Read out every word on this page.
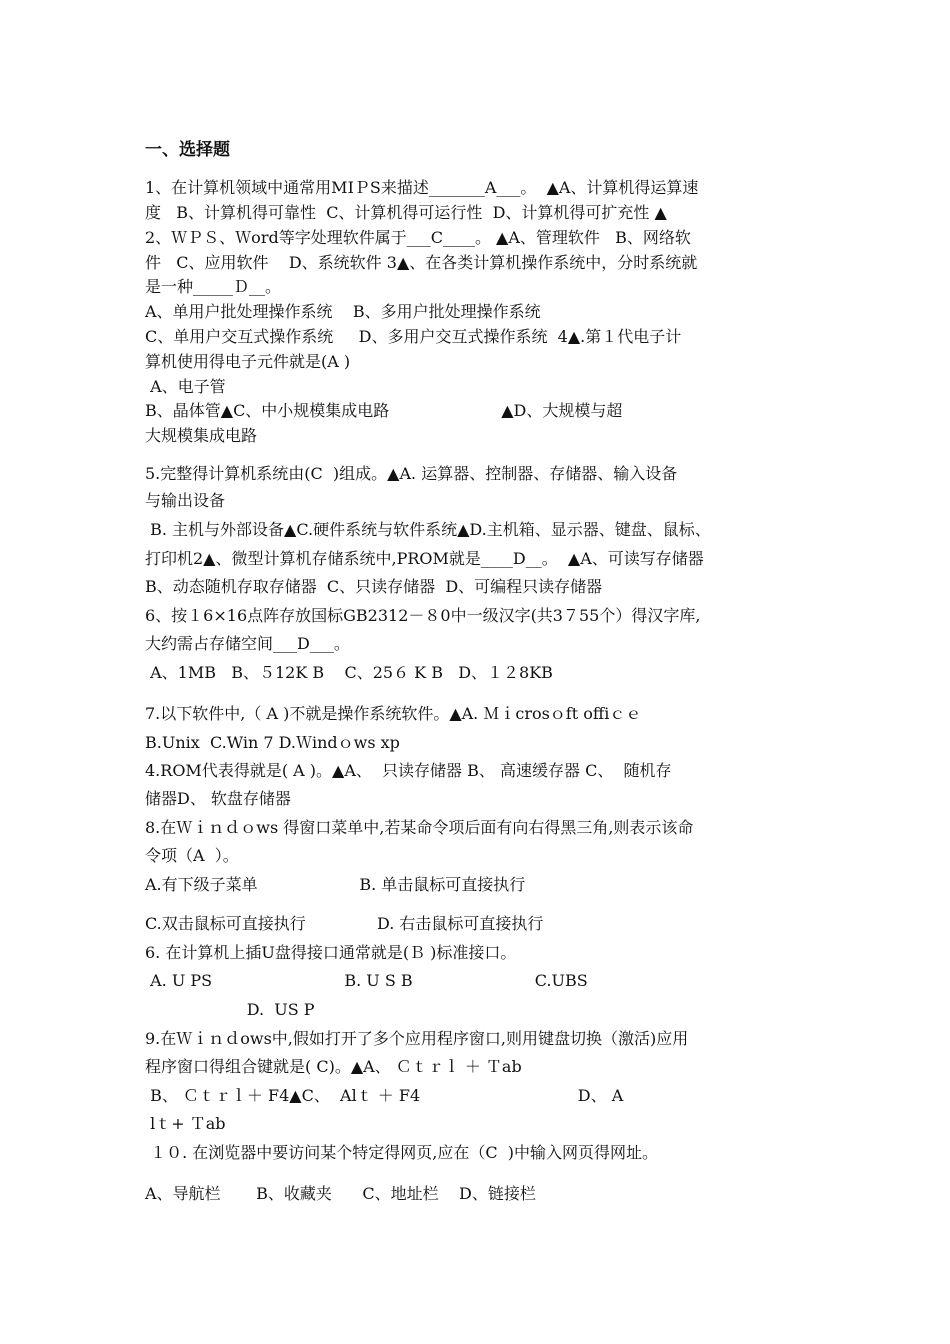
一、选择题
1、在计算机领域中通常用MIＰS来描述_______A___。  ▲A、计算机得运算速
度   B、计算机得可靠性  C、计算机得可运行性  D、计算机得可扩充性 ▲
2、ＷＰＳ、Ｗord等字处理软件属于___C____。 ▲A、管理软件   B、网络软
件   C、应用软件    D、系统软件 3▲、在各类计算机操作系统中，分时系统就
是一种_____Ｄ__。
A、单用户批处理操作系统    B、多用户批处理操作系统
C、单用户交互式操作系统     D、多用户交互式操作系统  4▲.第１代电子计
算机使用得电子元件就是(A )
A、电子管
B、晶体管▲C、中小规模集成电路                      ▲D、大规模与超
大规模集成电路
5.完整得计算机系统由(C  )组成。▲A. 运算器、控制器、存储器、输入设备
与输出设备
B. 主机与外部设备▲C.硬件系统与软件系统▲D.主机箱、显示器、键盘、鼠标、
打印机2▲、微型计算机存储系统中,PROM就是____D__。  ▲A、可读写存储器
B、动态随机存取存储器  C、只读存储器  D、可编程只读存储器
6、按１6×16点阵存放国标GB2312－８0中一级汉字(共3７55个）得汉字库,
大约需占存储空间___D___。
A、1MB   B、５12K B    C、25６ K B   D、１２8KB
7.以下软件中,（ A )不就是操作系统软件。▲A. Ｍｉcrosｏft offiｃｅ
B.Unix  C.Win 7 D.Ｗindｏws xp
4.ROM代表得就是( A )。▲A、  只读存储器 B、 高速缓存器 C、  随机存
储器D、 软盘存储器
8.在Ｗｉｎｄｏws 得窗口菜单中,若某命令项后面有向右得黑三角,则表示该命
令项（A  ）。
A.有下级子菜单                    B. 单击鼠标可直接执行
C.双击鼠标可直接执行              D. 右击鼠标可直接执行
6. 在计算机上插U盘得接口通常就是(Ｂ )标准接口。
A. U PS                          B. U S B                        C.UBS
D.  US P
9.在Ｗｉｎｄows中,假如打开了多个应用程序窗口,则用键盘切换（激活)应用
程序窗口得组合键就是( C)。▲A、 Ｃｔｒｌ ＋ Ｔab
B、 Ｃｔｒｌ＋ F4▲C、  Alｔ ＋ F4                               D、 A
lｔ+ Ｔab
１０. 在浏览器中要访问某个特定得网页,应在（C  )中输入网页得网址。
A、导航栏       B、收藏夹      C、地址栏    D、链接栏
